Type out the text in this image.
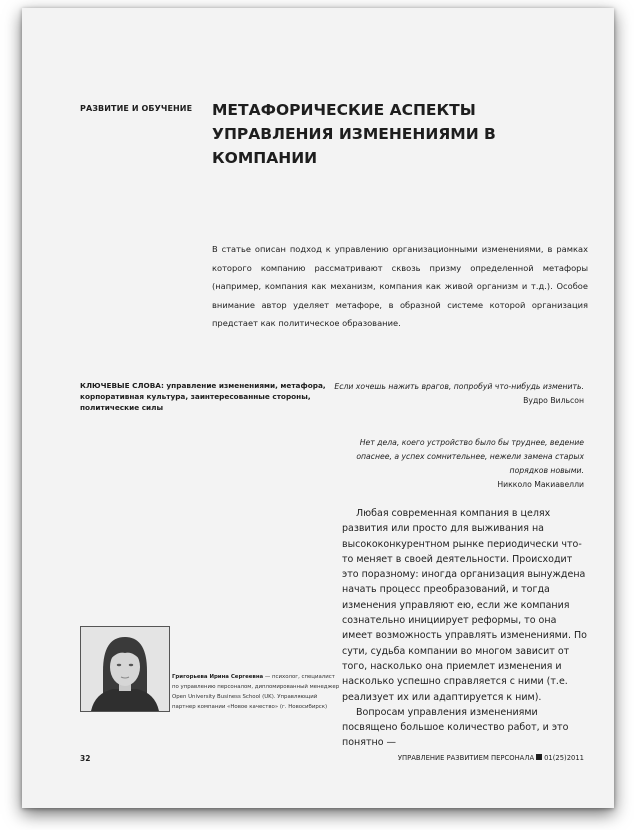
РАЗВИТИЕ И ОБУЧЕНИЕ МЕТАФОРИЧЕСКИЕ АСПЕКТЫ УПРАВЛЕНИЯ ИЗМЕНЕНИЯМИ В КОМПАНИИ

В статье описан подход к управлению организационными изменениями, в рамках которого компанию рассматривают сквозь призму определенной метафоры (например, компания как механизм, компания как живой организм и т.д.). Особое внимание автор уделяет метафоре, в образной системе которой организация предстает как политическое образование.

КЛЮЧЕВЫЕ СЛОВА: управление изменениями, метафора, корпоративная культура, заинтересованные стороны, политические силы

Если хочешь нажить врагов, попробуй что-нибудь изменить.
Вудро Вильсон
Нет дела, коего устройство было бы труднее, ведение опаснее, а успех сомнительнее, нежели замена старых порядков новыми.
Никколо Макиавелли

Любая современная компания в целях развития или просто для выживания на высококонкурентном рынке периодически что-то меняет в своей деятельности. Происходит это поразному: иногда организация вынуждена начать процесс преобразований, и тогда изменения управляют ею, если же компания сознательно инициирует реформы, то она имеет возможность управлять изменениями. По сути, судьба компании во многом зависит от того, насколько она приемлет изменения и насколько успешно справляется с ними (т.е. реализует их или адаптируется к ним).

Вопросам управления изменениями посвящено большое количество работ, и это понятно —

Григорьева Ирина Сергеевна — психолог, специалист по управлению персоналом, дипломированный менеджер Open University Business School (UK). Управляющий партнер компании «Новое качество» (г. Новосибирск)

32	УПРАВЛЕНИЕ РАЗВИТИЕМ ПЕРСОНАЛА 01(25)2011
